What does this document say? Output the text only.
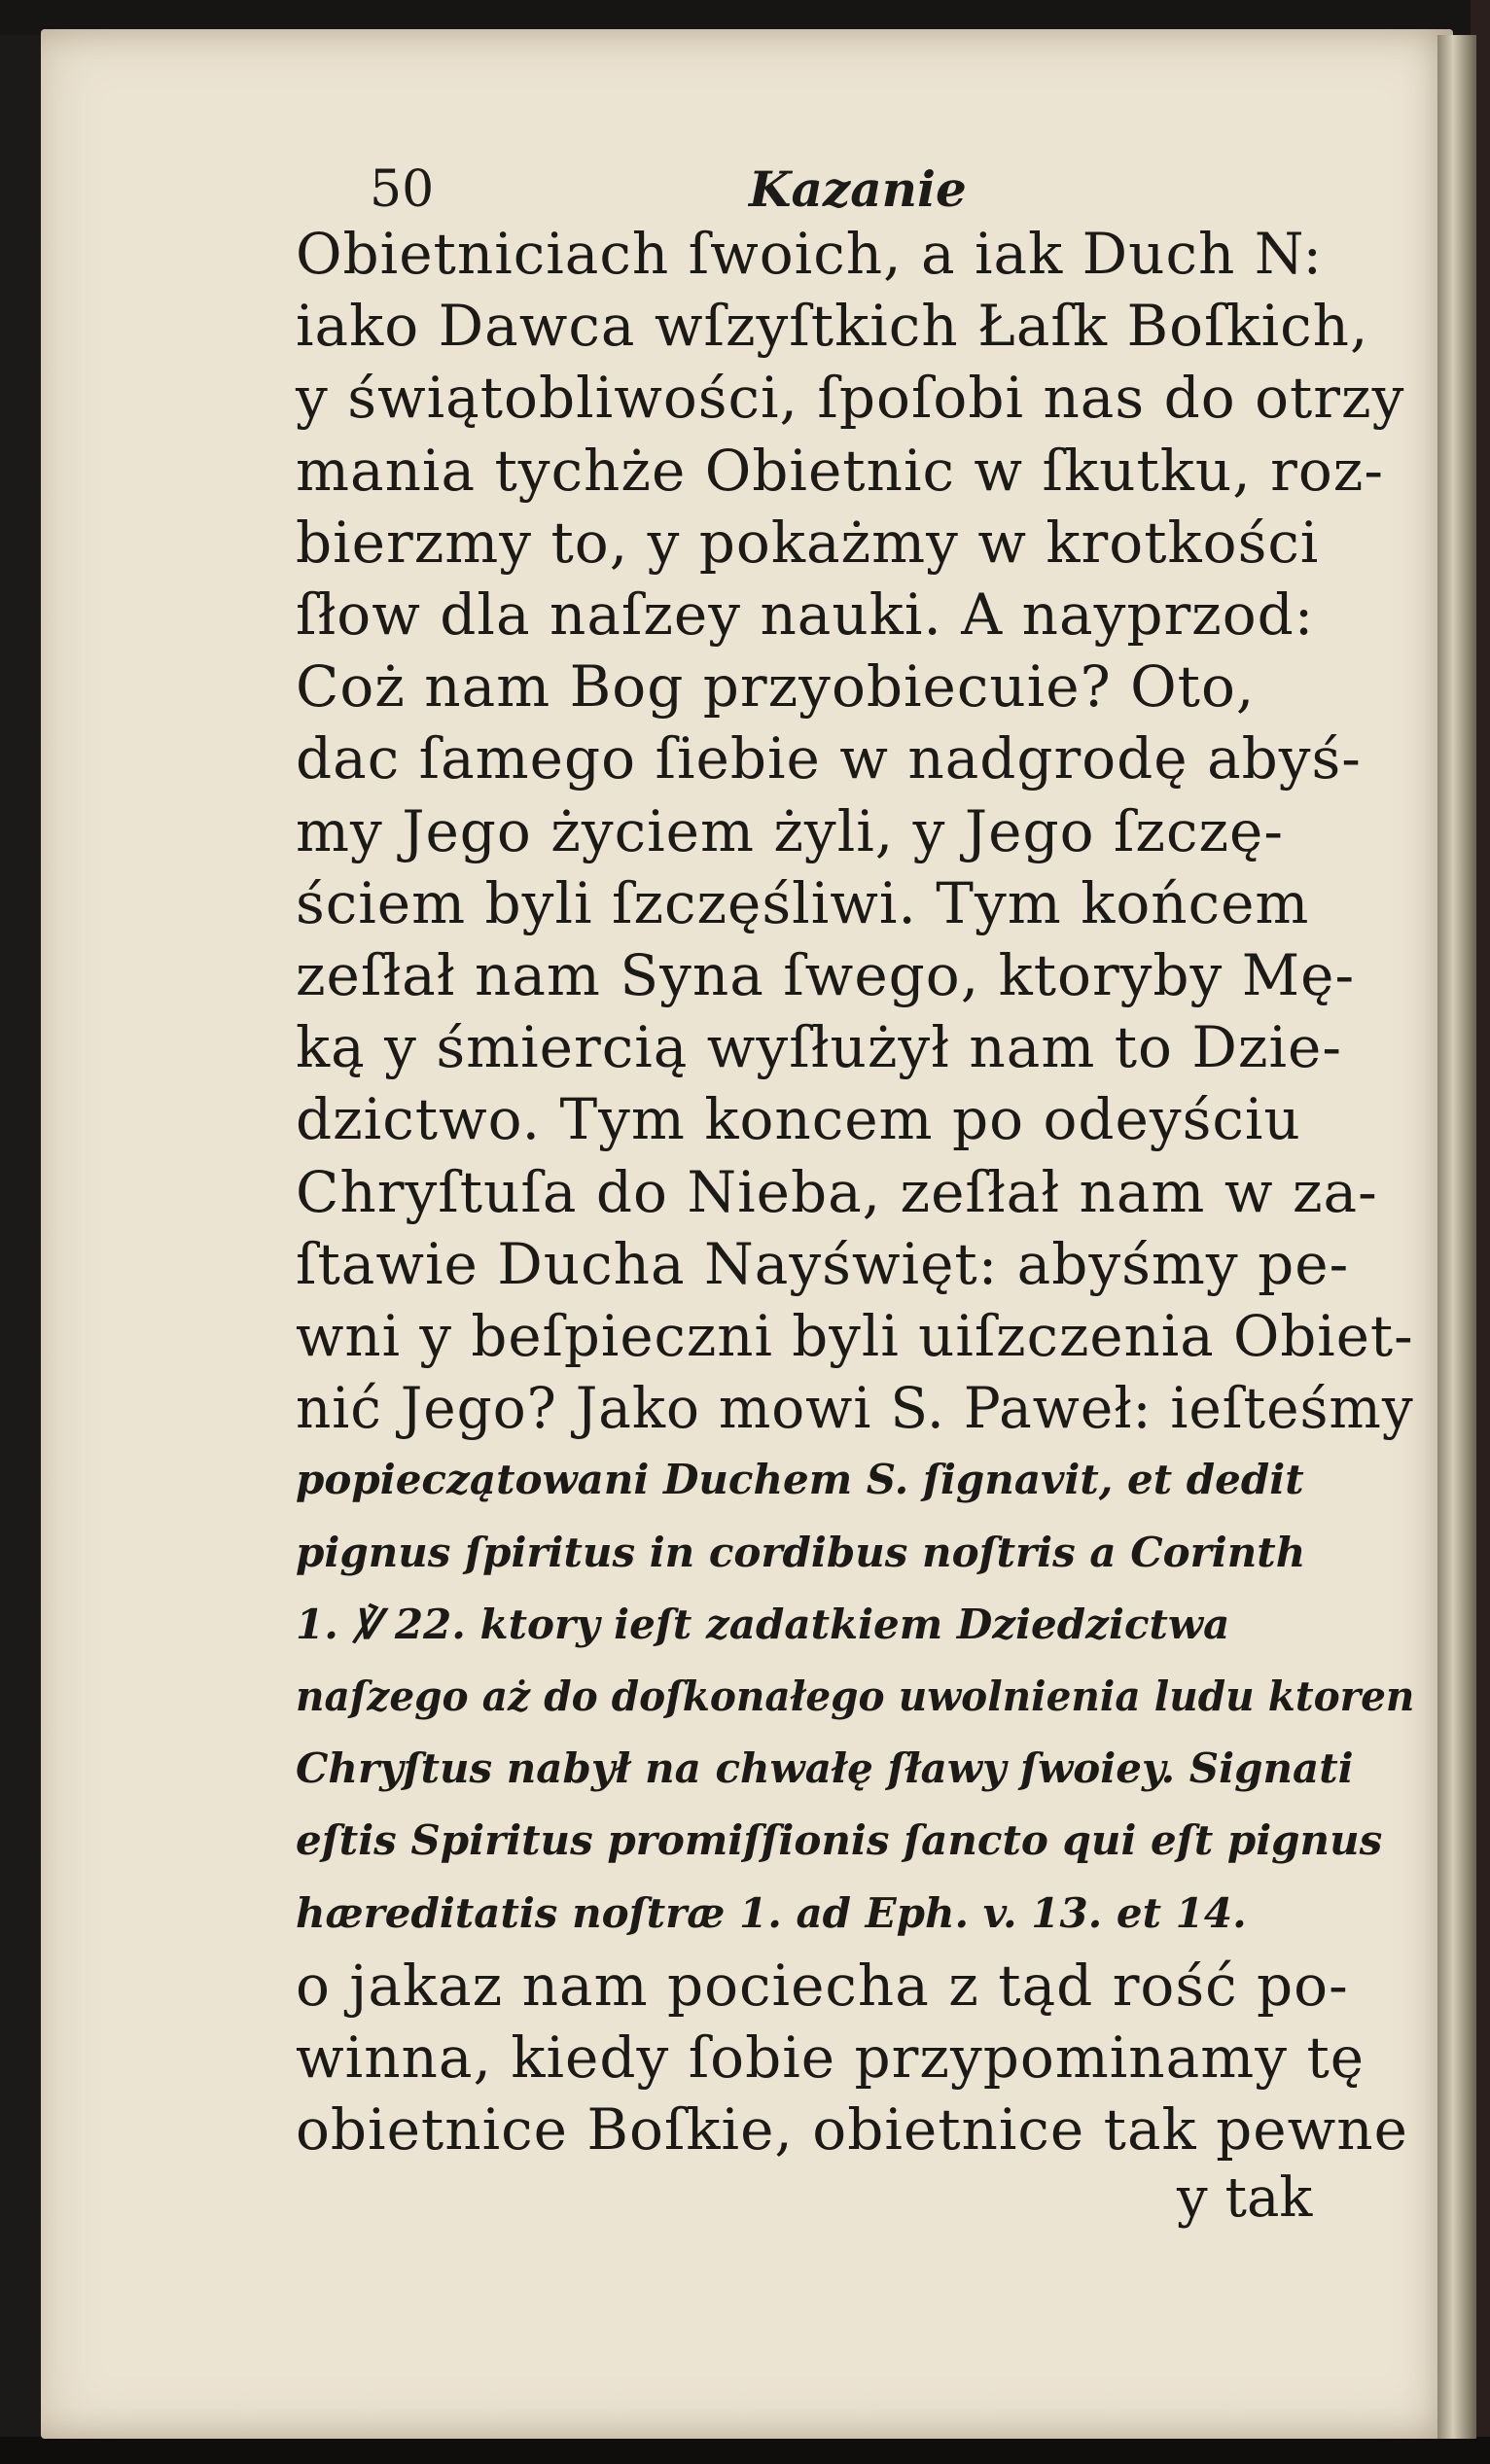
50	Kazanie
Obietniciach ſwoich, a iak Duch N:
iako Dawca wſzyſtkich Łaſk Boſkich,
y świątobliwości, ſpoſobi nas do otrzy
mania tychże Obietnic w ſkutku, roz-
bierzmy to, y pokażmy w krotkości
ſłow dla naſzey nauki. A nayprzod:
Coż nam Bog przyobiecuie? Oto,
dac ſamego ſiebie w nadgrodę abyś-
my Jego życiem żyli, y Jego ſzczę-
ściem byli ſzczęśliwi. Tym końcem
zeſłał nam Syna ſwego, ktoryby Mę-
ką y śmiercią wyſłużył nam to Dzie-
dzictwo. Tym koncem po odeyściu
Chryſtuſa do Nieba, zeſłał nam w za-
ſtawie Ducha Nayświęt: abyśmy pe-
wni y beſpieczni byli uiſzczenia Obiet-
nić Jego? Jako mowi S. Paweł: ieſteśmy
popieczątowani Duchem S. ſignavit, et dedit
pignus ſpiritus in cordibus noſtris a Corinth
1. ℣ 22. ktory ieſt zadatkiem Dziedzictwa
naſzego aż do doſkonałego uwolnienia ludu ktoren
Chryſtus nabył na chwałę ſławy ſwoiey. Signati
eſtis Spiritus promiſſionis ſancto qui eſt pignus
hæreditatis noſtræ 1. ad Eph. v. 13. et 14.
o jakaz nam pociecha z tąd rość po-
winna, kiedy ſobie przypominamy tę
obietnice Boſkie, obietnice tak pewne
y tak
